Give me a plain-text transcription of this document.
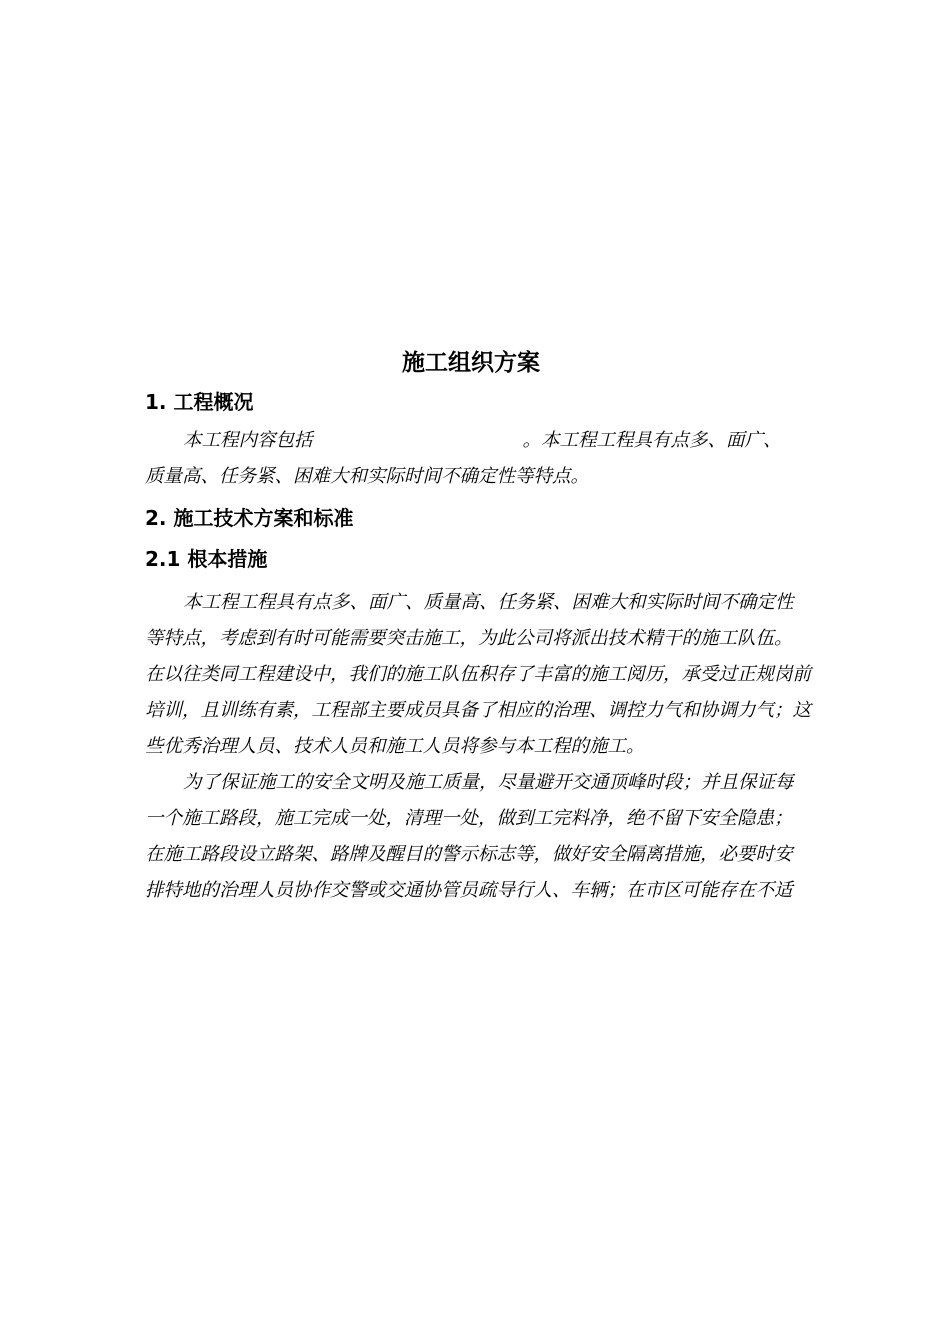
施工组织方案
1. 工程概况

本工程内容包括	。本工程工程具有点多、面广、
质量高、任务紧、困难大和实际时间不确定性等特点。

2. 施工技术方案和标准
2.1 根本措施

本工程工程具有点多、面广、质量高、任务紧、困难大和实际时间不确定性
等特点，考虑到有时可能需要突击施工，为此公司将派出技术精干的施工队伍。
在以往类同工程建设中，我们的施工队伍积存了丰富的施工阅历，承受过正规岗前
培训，且训练有素，工程部主要成员具备了相应的治理、调控力气和协调力气；这
些优秀治理人员、技术人员和施工人员将参与本工程的施工。

为了保证施工的安全文明及施工质量，尽量避开交通顶峰时段；并且保证每
一个施工路段，施工完成一处，清理一处，做到工完料净，绝不留下安全隐患；
在施工路段设立路架、路牌及醒目的警示标志等，做好安全隔离措施，必要时安
排特地的治理人员协作交警或交通协管员疏导行人、车辆；在市区可能存在不适
